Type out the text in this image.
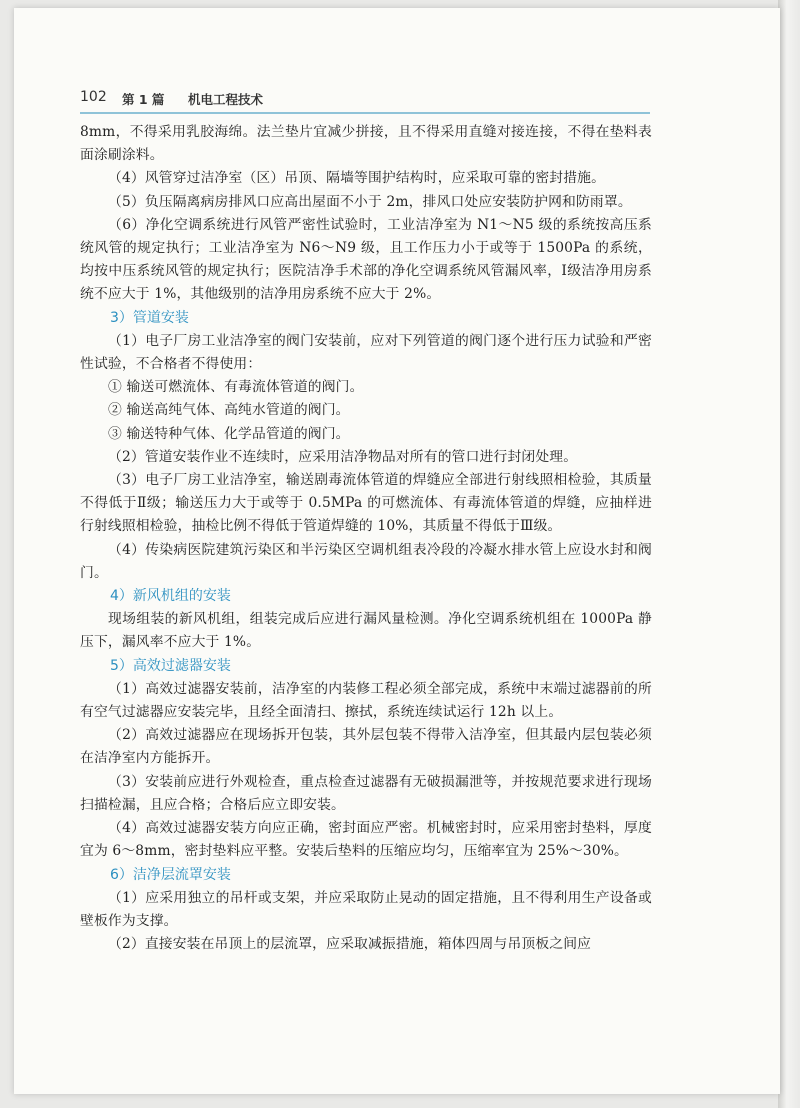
102 第 1 篇 机电工程技术

8mm，不得采用乳胶海绵。法兰垫片宜减少拼接，且不得采用直缝对接连接，不得在垫料表面涂刷涂料。

（4）风管穿过洁净室（区）吊顶、隔墙等围护结构时，应采取可靠的密封措施。

（5）负压隔离病房排风口应高出屋面不小于 2m，排风口处应安装防护网和防雨罩。

（6）净化空调系统进行风管严密性试验时，工业洁净室为 N1～N5 级的系统按高压系统风管的规定执行；工业洁净室为 N6～N9 级，且工作压力小于或等于 1500Pa 的系统，均按中压系统风管的规定执行；医院洁净手术部的净化空调系统风管漏风率，Ⅰ级洁净用房系统不应大于 1%，其他级别的洁净用房系统不应大于 2%。

3）管道安装

（1）电子厂房工业洁净室的阀门安装前，应对下列管道的阀门逐个进行压力试验和严密性试验，不合格者不得使用：

① 输送可燃流体、有毒流体管道的阀门。

② 输送高纯气体、高纯水管道的阀门。

③ 输送特种气体、化学品管道的阀门。

（2）管道安装作业不连续时，应采用洁净物品对所有的管口进行封闭处理。

（3）电子厂房工业洁净室，输送剧毒流体管道的焊缝应全部进行射线照相检验，其质量不得低于Ⅱ级；输送压力大于或等于 0.5MPa 的可燃流体、有毒流体管道的焊缝，应抽样进行射线照相检验，抽检比例不得低于管道焊缝的 10%，其质量不得低于Ⅲ级。

（4）传染病医院建筑污染区和半污染区空调机组表冷段的冷凝水排水管上应设水封和阀门。

4）新风机组的安装

现场组装的新风机组，组装完成后应进行漏风量检测。净化空调系统机组在 1000Pa 静压下，漏风率不应大于 1%。

5）高效过滤器安装

（1）高效过滤器安装前，洁净室的内装修工程必须全部完成，系统中末端过滤器前的所有空气过滤器应安装完毕，且经全面清扫、擦拭，系统连续试运行 12h 以上。

（2）高效过滤器应在现场拆开包装，其外层包装不得带入洁净室，但其最内层包装必须在洁净室内方能拆开。

（3）安装前应进行外观检查，重点检查过滤器有无破损漏泄等，并按规范要求进行现场扫描检漏，且应合格；合格后应立即安装。

（4）高效过滤器安装方向应正确，密封面应严密。机械密封时，应采用密封垫料，厚度宜为 6～8mm，密封垫料应平整。安装后垫料的压缩应均匀，压缩率宜为 25%～30%。

6）洁净层流罩安装

（1）应采用独立的吊杆或支架，并应采取防止晃动的固定措施，且不得利用生产设备或壁板作为支撑。

（2）直接安装在吊顶上的层流罩，应采取减振措施，箱体四周与吊顶板之间应
